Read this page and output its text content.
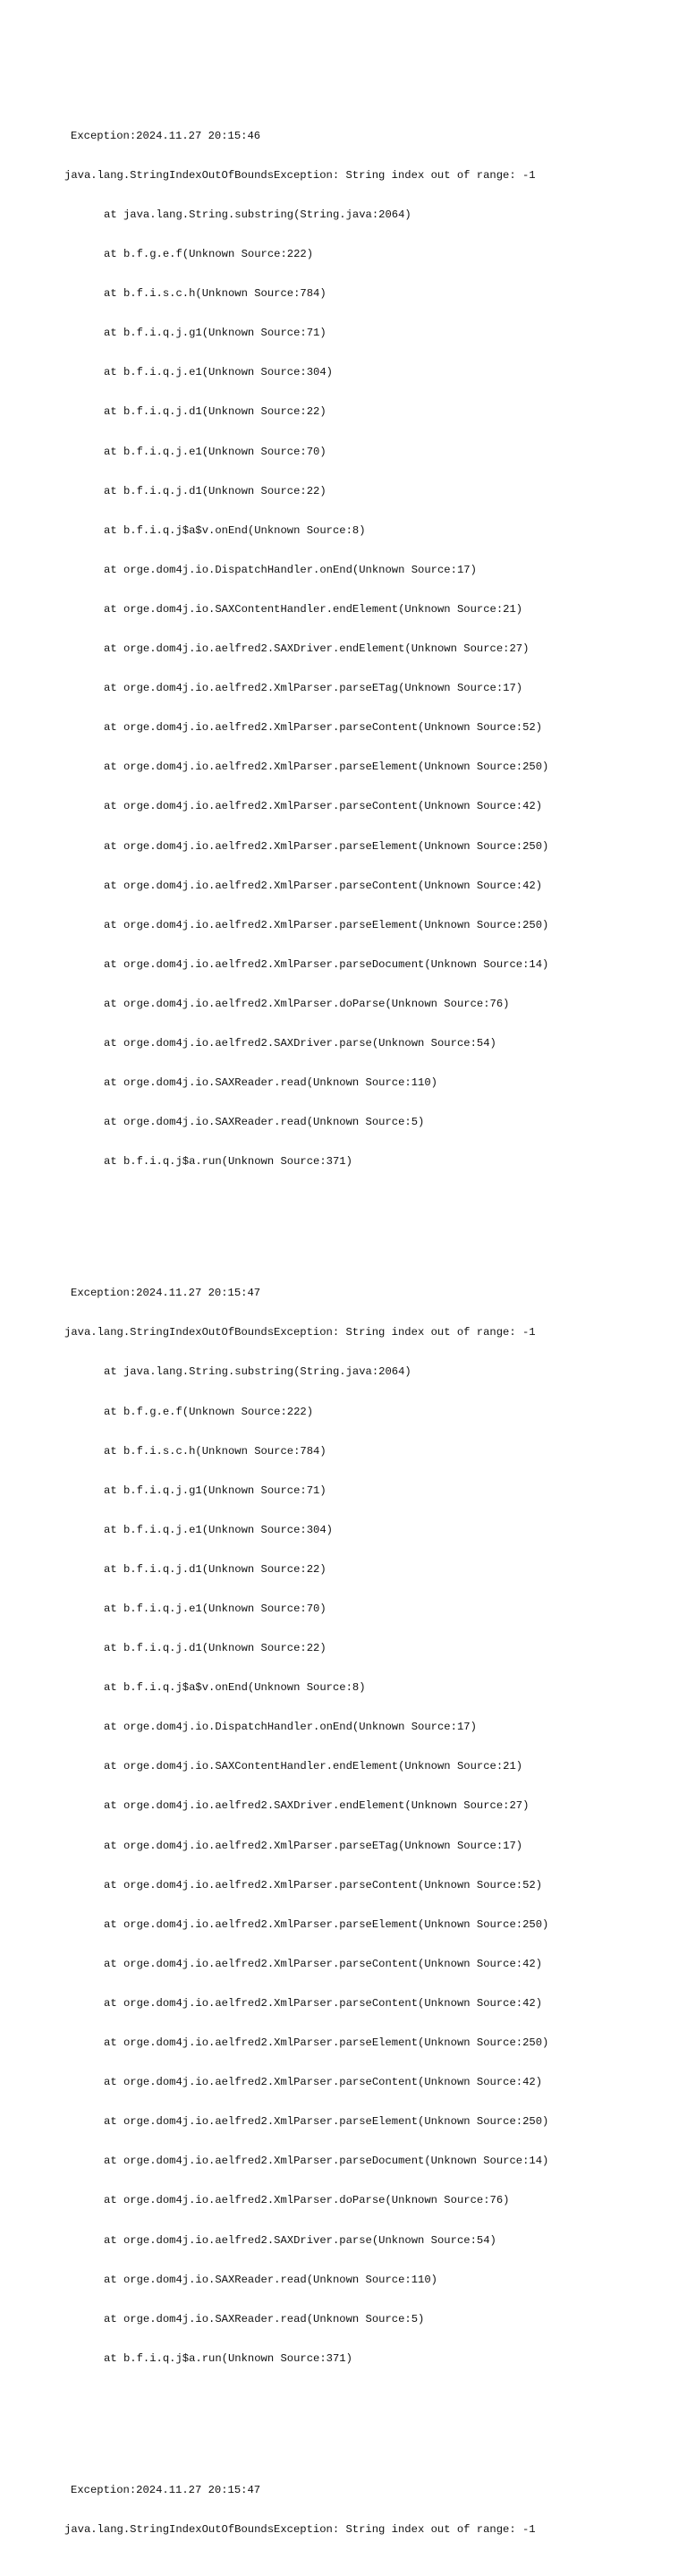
Exception:2024.11.27 20:15:46

java.lang.StringIndexOutOfBoundsException: String index out of range: -1

at java.lang.String.substring(String.java:2064)

at b.f.g.e.f(Unknown Source:222)

at b.f.i.s.c.h(Unknown Source:784)

at b.f.i.q.j.g1(Unknown Source:71)

at b.f.i.q.j.e1(Unknown Source:304)

at b.f.i.q.j.d1(Unknown Source:22)

at b.f.i.q.j.e1(Unknown Source:70)

at b.f.i.q.j.d1(Unknown Source:22)

at b.f.i.q.j$a$v.onEnd(Unknown Source:8)

at orge.dom4j.io.DispatchHandler.onEnd(Unknown Source:17)

at orge.dom4j.io.SAXContentHandler.endElement(Unknown Source:21)

at orge.dom4j.io.aelfred2.SAXDriver.endElement(Unknown Source:27)

at orge.dom4j.io.aelfred2.XmlParser.parseETag(Unknown Source:17)

at orge.dom4j.io.aelfred2.XmlParser.parseContent(Unknown Source:52)

at orge.dom4j.io.aelfred2.XmlParser.parseElement(Unknown Source:250)

at orge.dom4j.io.aelfred2.XmlParser.parseContent(Unknown Source:42)

at orge.dom4j.io.aelfred2.XmlParser.parseElement(Unknown Source:250)

at orge.dom4j.io.aelfred2.XmlParser.parseContent(Unknown Source:42)

at orge.dom4j.io.aelfred2.XmlParser.parseElement(Unknown Source:250)

at orge.dom4j.io.aelfred2.XmlParser.parseDocument(Unknown Source:14)

at orge.dom4j.io.aelfred2.XmlParser.doParse(Unknown Source:76)

at orge.dom4j.io.aelfred2.SAXDriver.parse(Unknown Source:54)

at orge.dom4j.io.SAXReader.read(Unknown Source:110)

at orge.dom4j.io.SAXReader.read(Unknown Source:5)

at b.f.i.q.j$a.run(Unknown Source:371)

Exception:2024.11.27 20:15:47

java.lang.StringIndexOutOfBoundsException: String index out of range: -1

at java.lang.String.substring(String.java:2064)

at b.f.g.e.f(Unknown Source:222)

at b.f.i.s.c.h(Unknown Source:784)

at b.f.i.q.j.g1(Unknown Source:71)

at b.f.i.q.j.e1(Unknown Source:304)

at b.f.i.q.j.d1(Unknown Source:22)

at b.f.i.q.j.e1(Unknown Source:70)

at b.f.i.q.j.d1(Unknown Source:22)

at b.f.i.q.j$a$v.onEnd(Unknown Source:8)

at orge.dom4j.io.DispatchHandler.onEnd(Unknown Source:17)

at orge.dom4j.io.SAXContentHandler.endElement(Unknown Source:21)

at orge.dom4j.io.aelfred2.SAXDriver.endElement(Unknown Source:27)

at orge.dom4j.io.aelfred2.XmlParser.parseETag(Unknown Source:17)

at orge.dom4j.io.aelfred2.XmlParser.parseContent(Unknown Source:52)

at orge.dom4j.io.aelfred2.XmlParser.parseElement(Unknown Source:250)

at orge.dom4j.io.aelfred2.XmlParser.parseContent(Unknown Source:42)

at orge.dom4j.io.aelfred2.XmlParser.parseContent(Unknown Source:42)

at orge.dom4j.io.aelfred2.XmlParser.parseElement(Unknown Source:250)

at orge.dom4j.io.aelfred2.XmlParser.parseContent(Unknown Source:42)

at orge.dom4j.io.aelfred2.XmlParser.parseElement(Unknown Source:250)

at orge.dom4j.io.aelfred2.XmlParser.parseDocument(Unknown Source:14)

at orge.dom4j.io.aelfred2.XmlParser.doParse(Unknown Source:76)

at orge.dom4j.io.aelfred2.SAXDriver.parse(Unknown Source:54)

at orge.dom4j.io.SAXReader.read(Unknown Source:110)

at orge.dom4j.io.SAXReader.read(Unknown Source:5)

at b.f.i.q.j$a.run(Unknown Source:371)

Exception:2024.11.27 20:15:47

java.lang.StringIndexOutOfBoundsException: String index out of range: -1
